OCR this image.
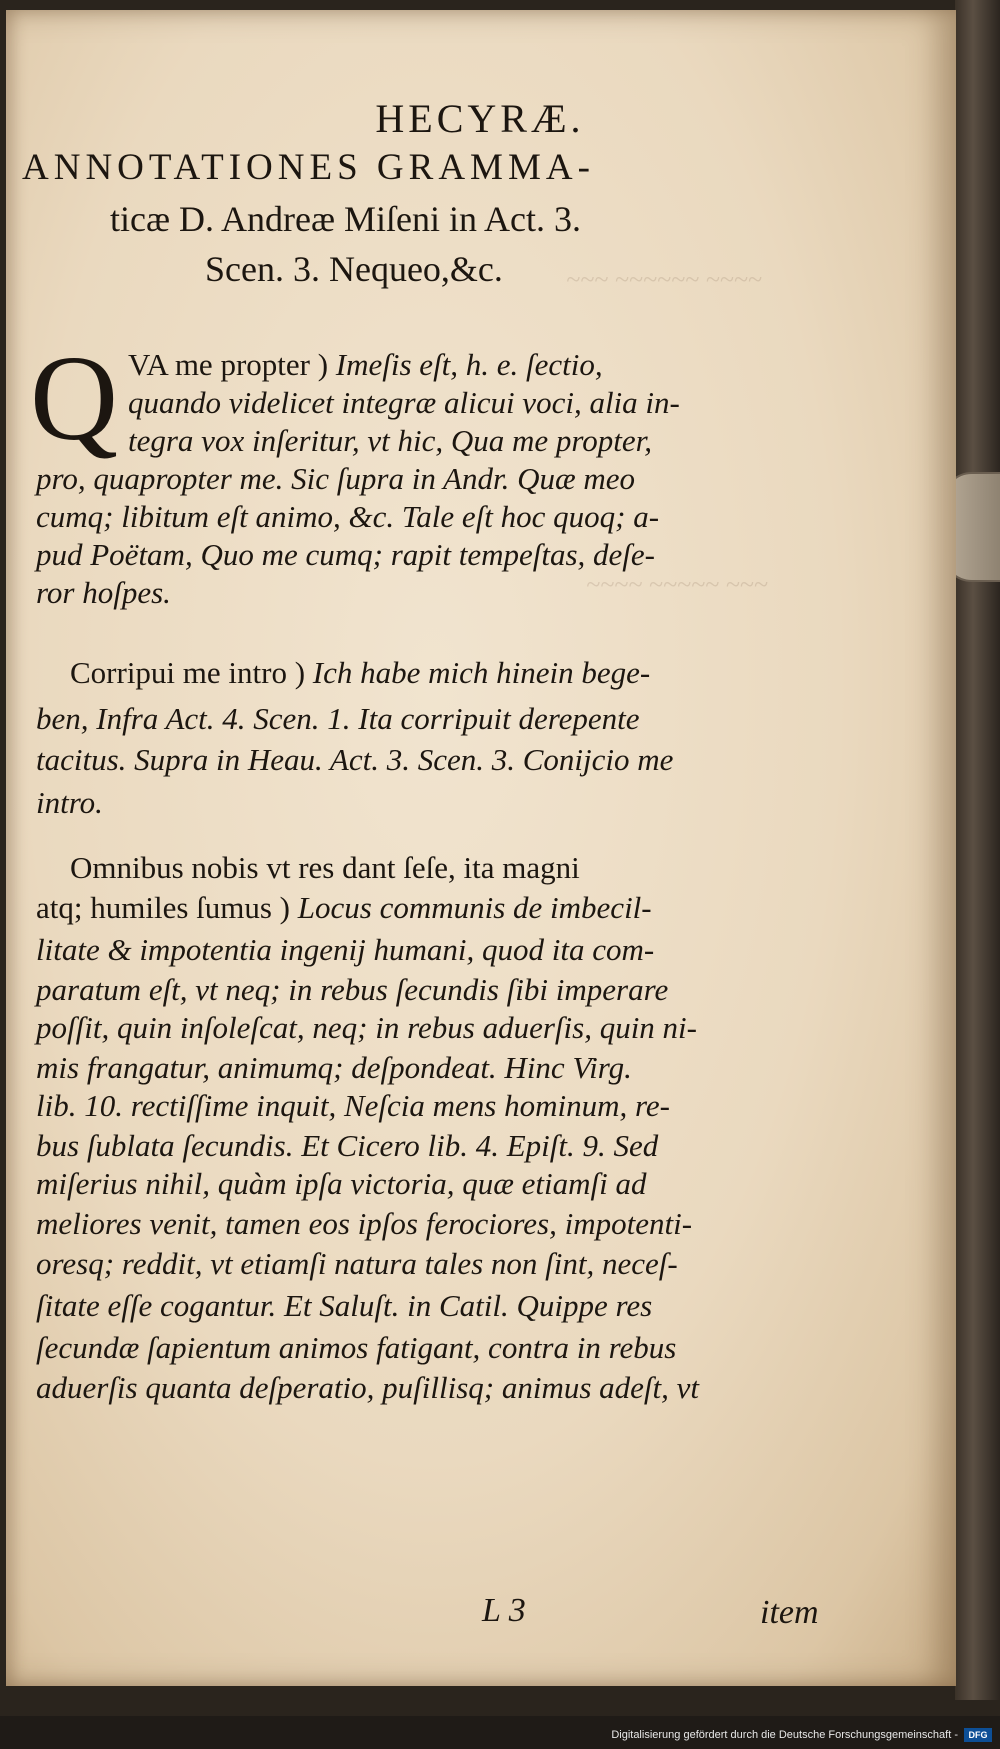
~~~ ~~~~~~ ~~~~
~~~~ ~~~~~ ~~~
HECYRÆ.
ANNOTATIONES GRAMMA-
ticæ D. Andreæ Miſeni in Act. 3.
Scen. 3. Nequeo,&c.
Q VA me propter ) Imeſis eſt, h. e. ſectio,
quando videlicet integræ alicui voci, alia in-
tegra vox inſeritur, vt hic, Qua me propter,
pro, quapropter me. Sic ſupra in Andr. Quæ meo
cumq; libitum eſt animo, &c. Tale eſt hoc quoq; a-
pud Poëtam, Quo me cumq; rapit tempeſtas, deſe-
ror hoſpes.
Corripui me intro ) Ich habe mich hinein bege-
ben, Infra Act. 4. Scen. 1. Ita corripuit derepente
tacitus. Supra in Heau. Act. 3. Scen. 3. Conijcio me
intro.
Omnibus nobis vt res dant ſeſe, ita magni
atq; humiles ſumus ) Locus communis de imbecil-
litate & impotentia ingenij humani, quod ita com-
paratum eſt, vt neq; in rebus ſecundis ſibi imperare
poſſit, quin inſoleſcat, neq; in rebus aduerſis, quin ni-
mis frangatur, animumq; deſpondeat. Hinc Virg.
lib. 10. rectiſſime inquit, Neſcia mens hominum, re-
bus ſublata ſecundis. Et Cicero lib. 4. Epiſt. 9. Sed
miſerius nihil, quàm ipſa victoria, quæ etiamſi ad
meliores venit, tamen eos ipſos ferociores, impotenti-
oresq; reddit, vt etiamſi natura tales non ſint, neceſ-
ſitate eſſe cogantur. Et Saluſt. in Catil. Quippe res
ſecundæ ſapientum animos fatigant, contra in rebus
aduerſis quanta deſperatio, puſillisq; animus adeſt, vt
L 3	item
Digitalisierung gefördert durch die Deutsche Forschungsgemeinschaft -	DFG
